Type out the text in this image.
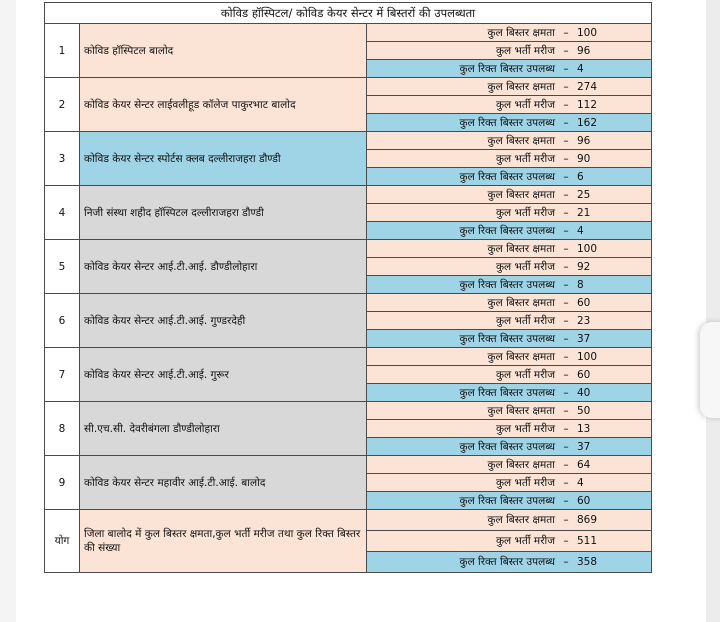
कोविड हॉस्पिटल/ कोविड केयर सेन्टर में बिस्तरों की उपलब्धता		
1	कोविड हॉस्पिटल बालोद	कुल बिस्तर क्षमता – 100
		कुल भर्ती मरीज – 96
		कुल रिक्त बिस्तर उपलब्ध – 4
2	कोविड केयर सेन्टर लाईवलीहूड कॉलेज पाकुरभाट बालोद	कुल बिस्तर क्षमता – 274
		कुल भर्ती मरीज – 112
		कुल रिक्त बिस्तर उपलब्ध – 162
3	कोविड केयर सेन्टर स्पोर्टस क्लब दल्लीराजहरा डौण्डी	कुल बिस्तर क्षमता – 96
		कुल भर्ती मरीज – 90
		कुल रिक्त बिस्तर उपलब्ध – 6
4	निजी संस्था शहीद हॉस्पिटल दल्लीराजहरा डौण्डी	कुल बिस्तर क्षमता – 25
		कुल भर्ती मरीज – 21
		कुल रिक्त बिस्तर उपलब्ध – 4
5	कोविड केयर सेन्टर आई.टी.आई. डौण्डीलोहारा	कुल बिस्तर क्षमता – 100
		कुल भर्ती मरीज – 92
		कुल रिक्त बिस्तर उपलब्ध – 8
6	कोविड केयर सेन्टर आई.टी.आई. गुण्डरदेही	कुल बिस्तर क्षमता – 60
		कुल भर्ती मरीज – 23
		कुल रिक्त बिस्तर उपलब्ध – 37
7	कोविड केयर सेन्टर आई.टी.आई. गुरूर	कुल बिस्तर क्षमता – 100
		कुल भर्ती मरीज – 60
		कुल रिक्त बिस्तर उपलब्ध – 40
8	सी.एच.सी. देवरीबंगला डौण्डीलोहारा	कुल बिस्तर क्षमता – 50
		कुल भर्ती मरीज – 13
		कुल रिक्त बिस्तर उपलब्ध – 37
9	कोविड केयर सेन्टर महावीर आई.टी.आई. बालोद	कुल बिस्तर क्षमता – 64
		कुल भर्ती मरीज – 4
		कुल रिक्त बिस्तर उपलब्ध – 60
योग	जिला बालोद में कुल बिस्तर क्षमता,कुल भर्ती मरीज तथा कुल रिक्त बिस्तर की संख्या	कुल बिस्तर क्षमता – 869
		कुल भर्ती मरीज – 511
		कुल रिक्त बिस्तर उपलब्ध – 358
